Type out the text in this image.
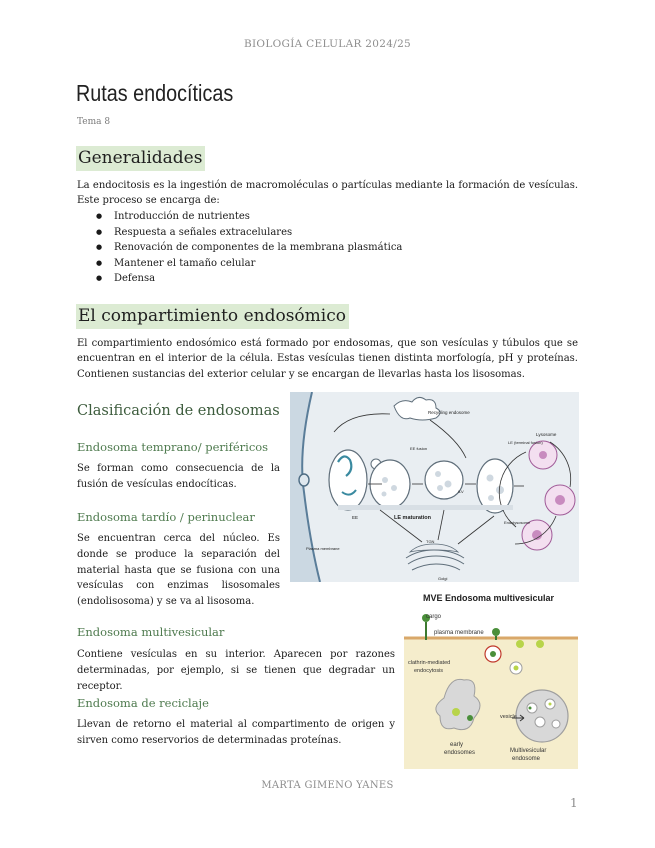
BIOLOGÍA CELULAR 2024/25
Rutas endocíticas
Tema 8
Generalidades
La endocitosis es la ingestión de macromoléculas o partículas mediante la formación de vesículas. Este proceso se encarga de:
● Introducción de nutrientes
● Respuesta a señales extracelulares
● Renovación de componentes de la membrana plasmática
● Mantener el tamaño celular
● Defensa
El compartimiento endosómico
El compartimiento endosómico está formado por endosomas, que son vesículas y túbulos que se encuentran en el interior de la célula. Estas vesículas tienen distinta morfología, pH y proteínas. Contienen sustancias del exterior celular y se encargan de llevarlas hasta los lisosomas.
Clasificación de endosomas
Endosoma temprano/ periféricos
Se forman como consecuencia de la fusión de vesículas endocíticas.
Endosoma tardío / perinuclear
Se encuentran cerca del núcleo. Es donde se produce la separación del material hasta que se fusiona con una vesículas con enzimas lisosomales (endolisosoma) y se va al lisosoma.
Endosoma multivesicular
Contiene vesículas en su interior. Aparecen por razones determinadas, por ejemplo, si se tienen que degradar un receptor.
Endosoma de reciclaje
Llevan de retorno el material al compartimento de origen y sirven como reservorios de determinadas proteínas.
Recycling endosome
Lysosome
LE maturation
EE
EE fusion
LE (terminal fusion)
Plasma membrane
TGN
Golgi
ILV
Endolysosome
MVE Endosoma multivesicular
cargo
plasma membrane
clathrin-mediated
endocytosis
vesicle
early
endosomes	Multivesicular
endosome
MARTA GIMENO YANES
1
